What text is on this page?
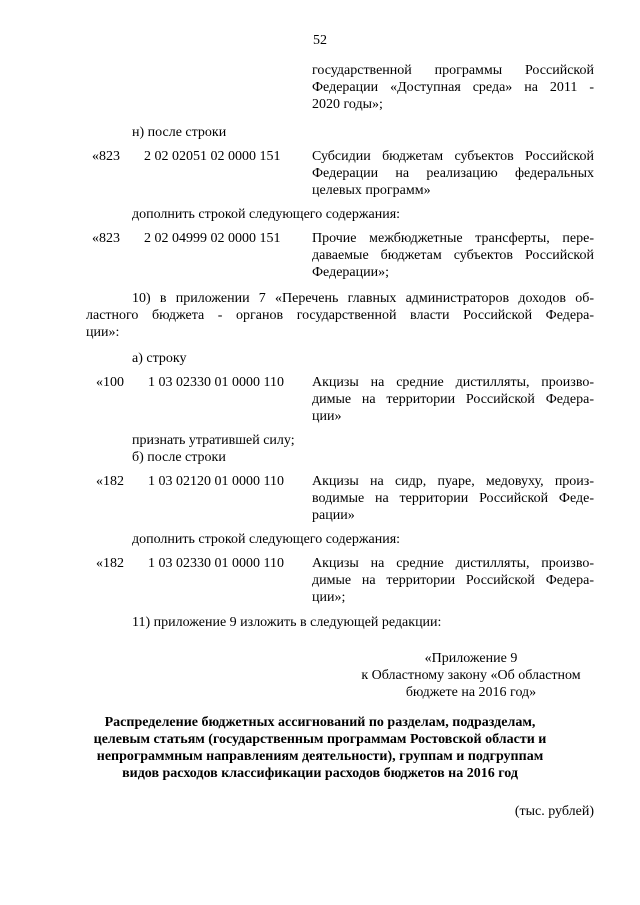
52
государственной программы Российской
Федерации «Доступная среда» на 2011 -
2020 годы»;
н) после строки
«823 2 02 02051 02 0000 151 Субсидии бюджетам субъектов Российской
Федерации на реализацию федеральных
целевых программ»
дополнить строкой следующего содержания:
«823 2 02 04999 02 0000 151 Прочие межбюджетные трансферты, пере-
даваемые бюджетам субъектов Российской
Федерации»;
10) в приложении 7 «Перечень главных администраторов доходов об-
ластного бюджета - органов государственной власти Российской Федера-
ции»:
а) строку
«100 1 03 02330 01 0000 110 Акцизы на средние дистилляты, произво-
димые на территории Российской Федера-
ции»
признать утратившей силу;
б) после строки
«182 1 03 02120 01 0000 110 Акцизы на сидр, пуаре, медовуху, произ-
водимые на территории Российской Феде-
рации»
дополнить строкой следующего содержания:
«182 1 03 02330 01 0000 110 Акцизы на средние дистилляты, произво-
димые на территории Российской Федера-
ции»;
11) приложение 9 изложить в следующей редакции:
«Приложение 9
к Областному закону «Об областном
бюджете на 2016 год»
Распределение бюджетных ассигнований по разделам, подразделам,
целевым статьям (государственным программам Ростовской области и
непрограммным направлениям деятельности), группам и подгруппам
видов расходов классификации расходов бюджетов на 2016 год
(тыс. рублей)
